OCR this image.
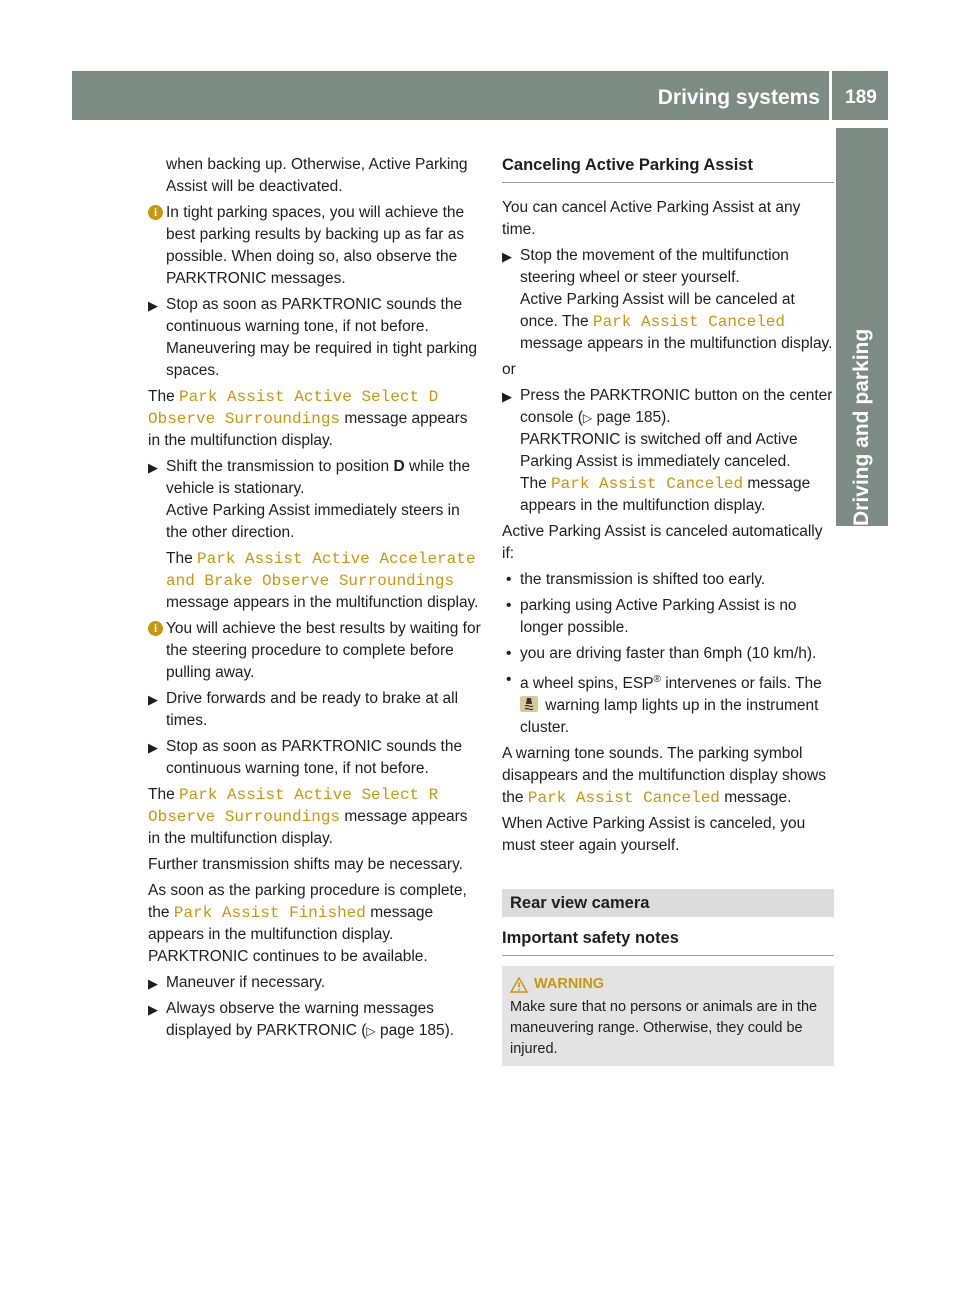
Driving systems	189
Driving and parking

when backing up. Otherwise, Active Parking Assist will be deactivated.

i In tight parking spaces, you will achieve the best parking results by backing up as far as possible. When doing so, also observe the PARKTRONIC messages.
▶ Stop as soon as PARKTRONIC sounds the continuous warning tone, if not before. Maneuvering may be required in tight parking spaces.

The Park Assist Active Select D Observe Surroundings message appears in the multifunction display.

▶ Shift the transmission to position D while the vehicle is stationary.
Active Parking Assist immediately steers in the other direction.
The Park Assist Active Accelerate and Brake Observe Surroundings message appears in the multifunction display.
i You will achieve the best results by waiting for the steering procedure to complete before pulling away.
▶ Drive forwards and be ready to brake at all times.
▶ Stop as soon as PARKTRONIC sounds the continuous warning tone, if not before.

The Park Assist Active Select R Observe Surroundings message appears in the multifunction display.

Further transmission shifts may be necessary.

As soon as the parking procedure is complete, the Park Assist Finished message appears in the multifunction display. PARKTRONIC continues to be available.

▶ Maneuver if necessary.
▶ Always observe the warning messages displayed by PARKTRONIC (▷ page 185).
Canceling Active Parking Assist

You can cancel Active Parking Assist at any time.

▶ Stop the movement of the multifunction steering wheel or steer yourself.
Active Parking Assist will be canceled at once. The Park Assist Canceled message appears in the multifunction display.

or

▶ Press the PARKTRONIC button on the center console (▷ page 185).
PARKTRONIC is switched off and Active Parking Assist is immediately canceled.
The Park Assist Canceled message appears in the multifunction display.

Active Parking Assist is canceled automatically if:

• the transmission is shifted too early.
• parking using Active Parking Assist is no longer possible.
• you are driving faster than 6mph (10 km/h).
• a wheel spins, ESP® intervenes or fails. The
warning lamp lights up in the instrument cluster.

A warning tone sounds. The parking symbol disappears and the multifunction display shows the Park Assist Canceled message.

When Active Parking Assist is canceled, you must steer again yourself.

Rear view camera
Important safety notes
WARNING
Make sure that no persons or animals are in the maneuvering range. Otherwise, they could be injured.
